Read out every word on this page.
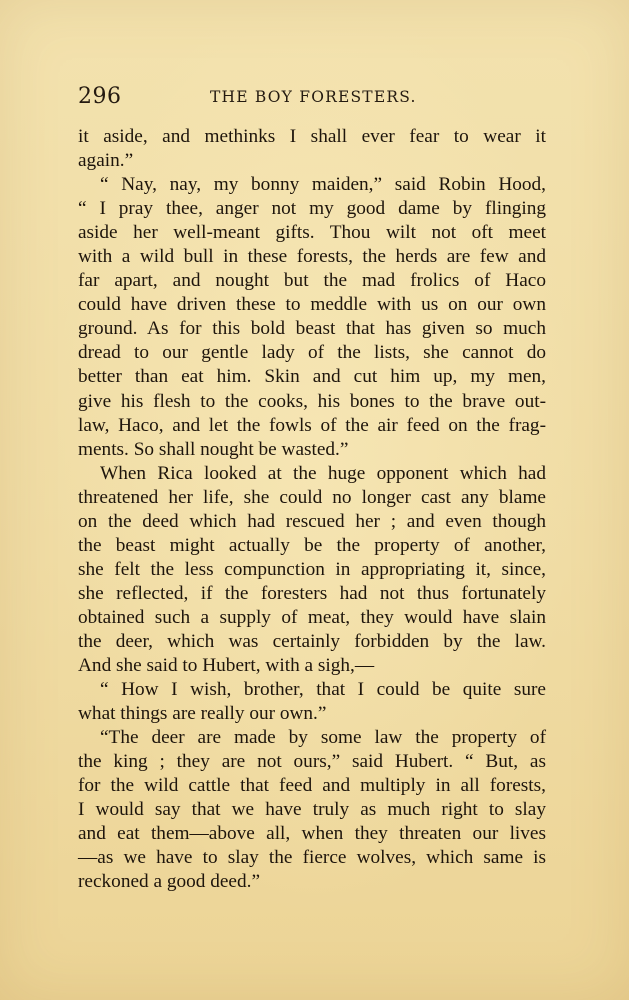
296	THE BOY FORESTERS.
it aside, and methinks I shall ever fear to wear it
again.”
“ Nay, nay, my bonny maiden,” said Robin Hood,
“ I pray thee, anger not my good dame by flinging
aside her well-meant gifts. Thou wilt not oft meet
with a wild bull in these forests, the herds are few and
far apart, and nought but the mad frolics of Haco
could have driven these to meddle with us on our own
ground. As for this bold beast that has given so much
dread to our gentle lady of the lists, she cannot do
better than eat him. Skin and cut him up, my men,
give his flesh to the cooks, his bones to the brave out-
law, Haco, and let the fowls of the air feed on the frag-
ments. So shall nought be wasted.”
When Rica looked at the huge opponent which had
threatened her life, she could no longer cast any blame
on the deed which had rescued her ; and even though
the beast might actually be the property of another,
she felt the less compunction in appropriating it, since,
she reflected, if the foresters had not thus fortunately
obtained such a supply of meat, they would have slain
the deer, which was certainly forbidden by the law.
And she said to Hubert, with a sigh,—
“ How I wish, brother, that I could be quite sure
what things are really our own.”
“The deer are made by some law the property of
the king ; they are not ours,” said Hubert. “ But, as
for the wild cattle that feed and multiply in all forests,
I would say that we have truly as much right to slay
and eat them—above all, when they threaten our lives
—as we have to slay the fierce wolves, which same is
reckoned a good deed.”
